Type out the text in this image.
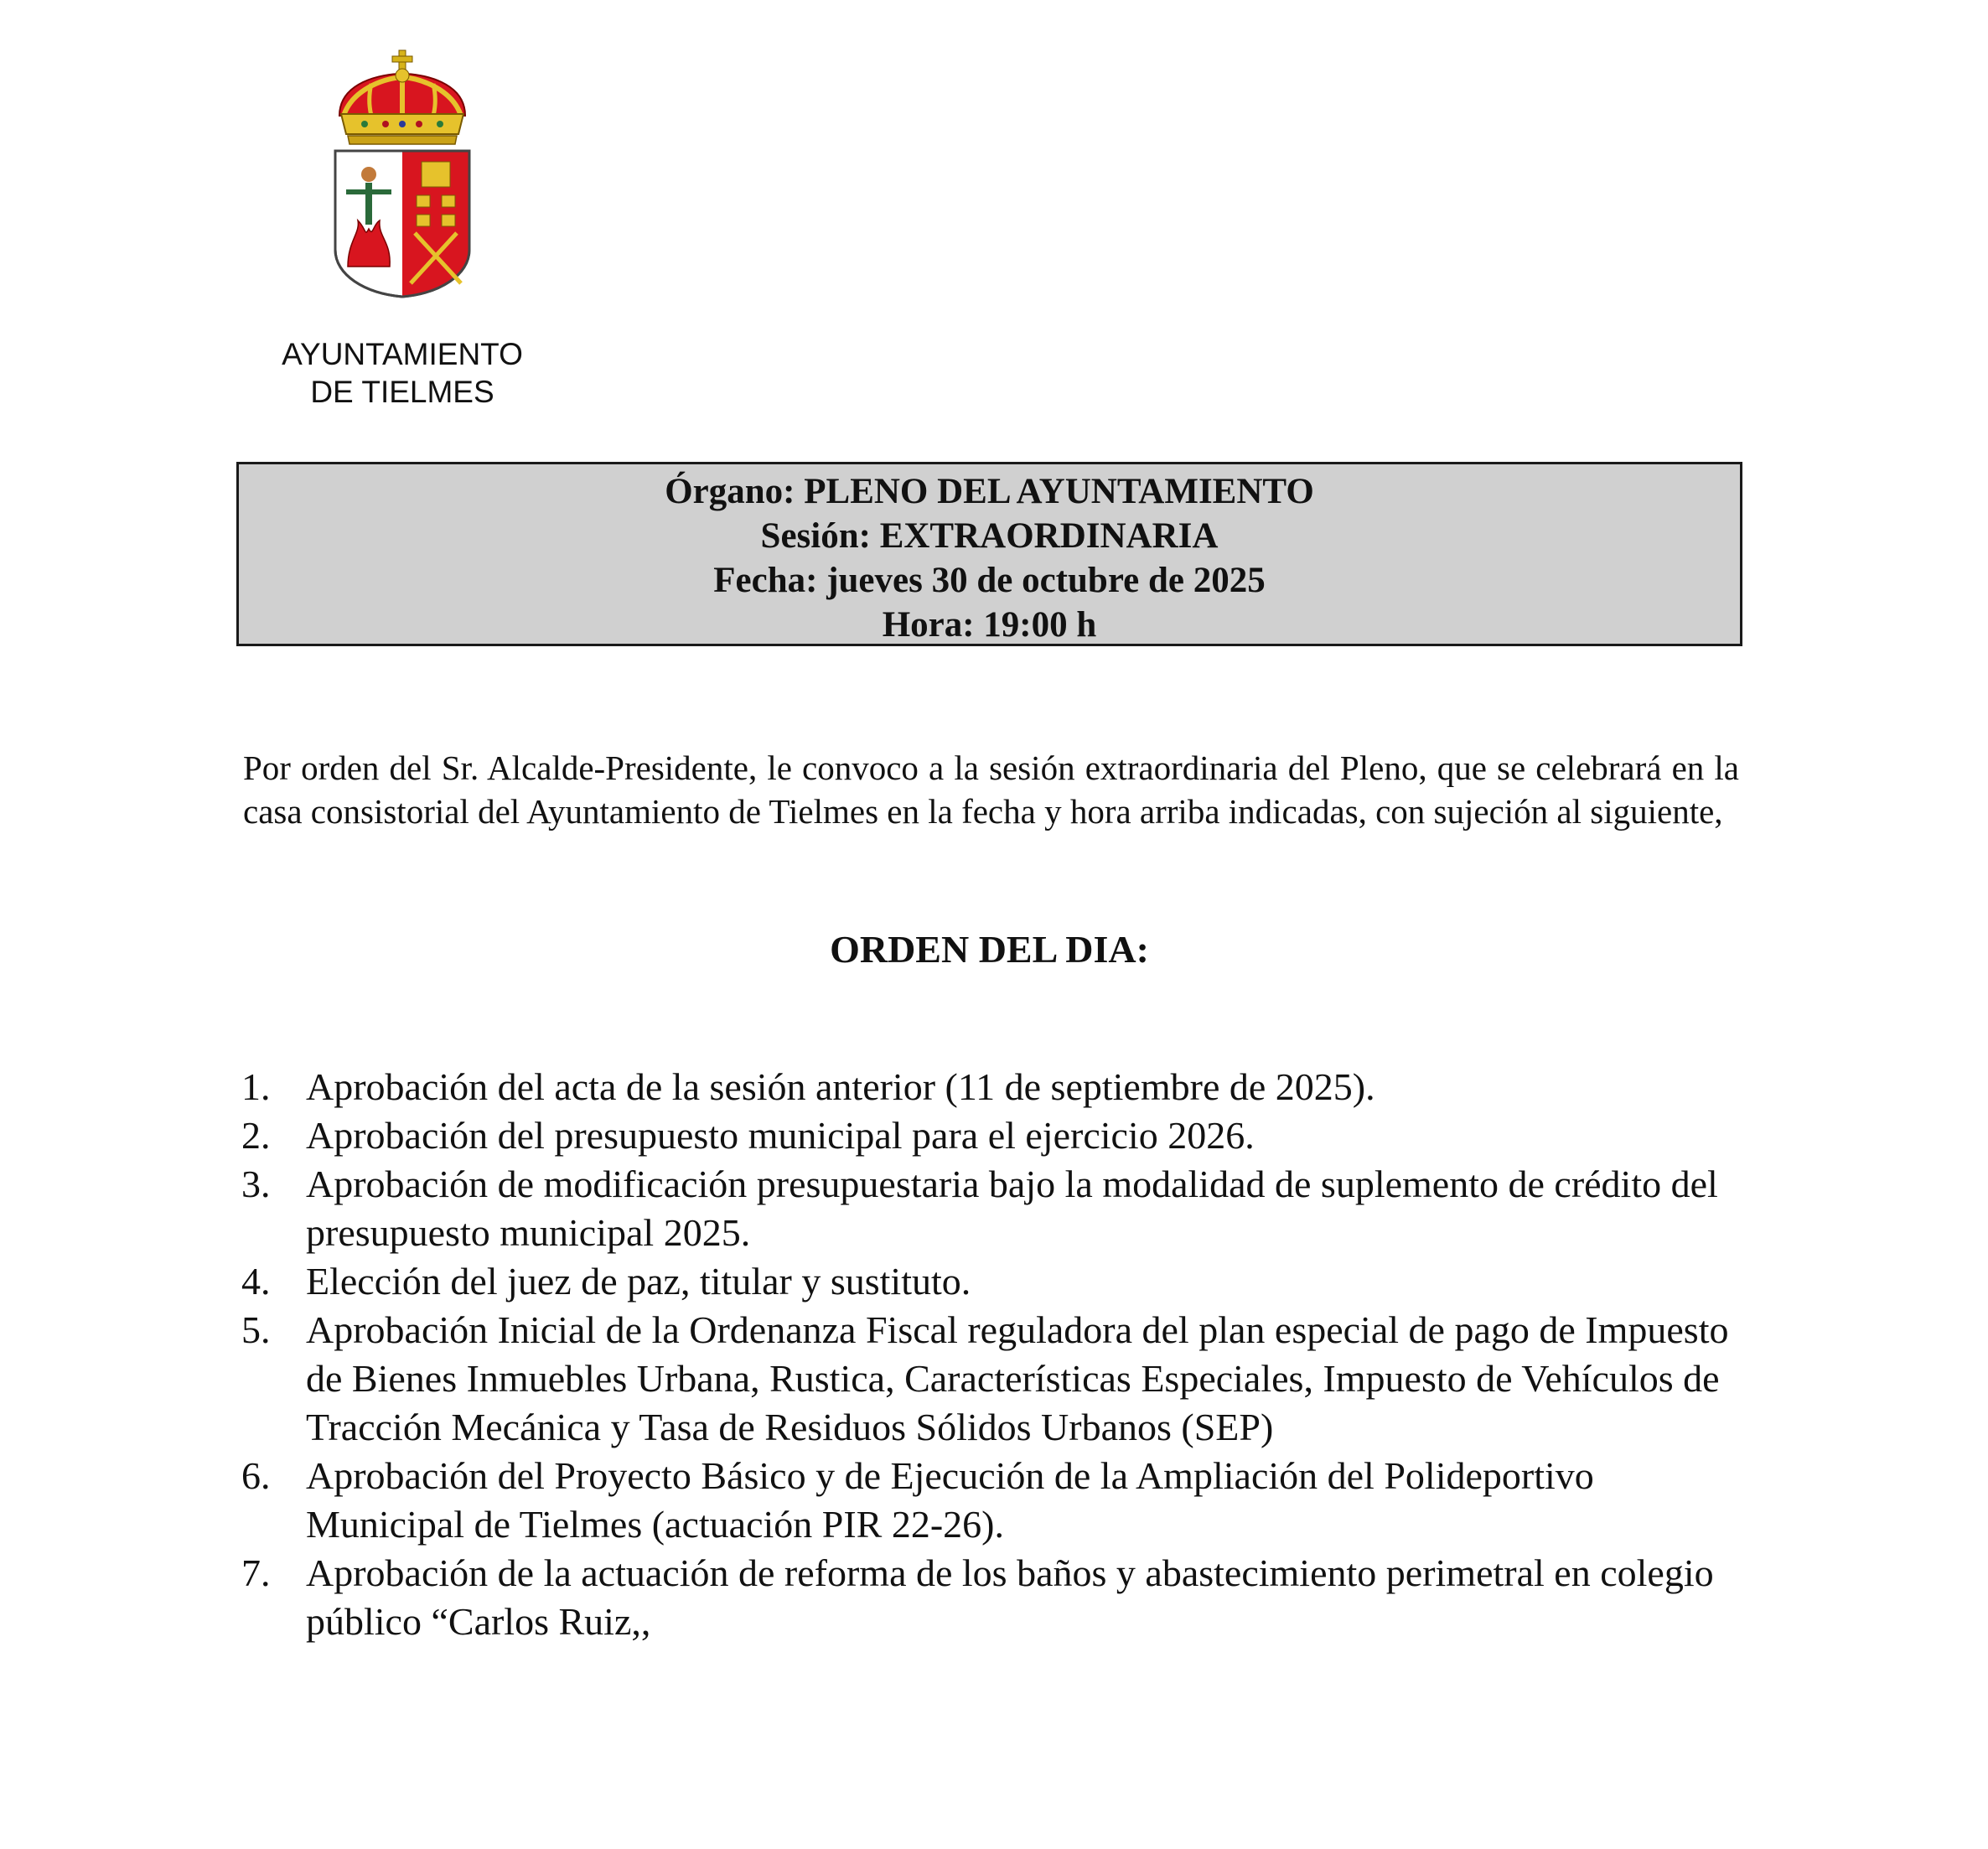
AYUNTAMIENTO
DE TIELMES
Órgano: PLENO DEL AYUNTAMIENTO
Sesión: EXTRAORDINARIA
Fecha: jueves 30 de octubre de 2025
Hora: 19:00 h

Por orden del Sr. Alcalde-Presidente, le convoco a la sesión extraordinaria del Pleno, que se celebrará en la casa consistorial del Ayuntamiento de Tielmes en la fecha y hora arriba indicadas, con sujeción al siguiente,

ORDEN DEL DIA:
1. Aprobación del acta de la sesión anterior (11 de septiembre de 2025).
2. Aprobación del presupuesto municipal para el ejercicio 2026.
3. Aprobación de modificación presupuestaria bajo la modalidad de suplemento de crédito del presupuesto municipal 2025.
4. Elección del juez de paz, titular y sustituto.
5. Aprobación Inicial de la Ordenanza Fiscal reguladora del plan especial de pago de Impuesto de Bienes Inmuebles Urbana, Rustica, Características Especiales, Impuesto de Vehículos de Tracción Mecánica y Tasa de Residuos Sólidos Urbanos (SEP)
6. Aprobación del Proyecto Básico y de Ejecución de la Ampliación del Polideportivo Municipal de Tielmes (actuación PIR 22-26).
7. Aprobación de la actuación de reforma de los baños y abastecimiento perimetral en colegio público “Carlos Ruiz,,
